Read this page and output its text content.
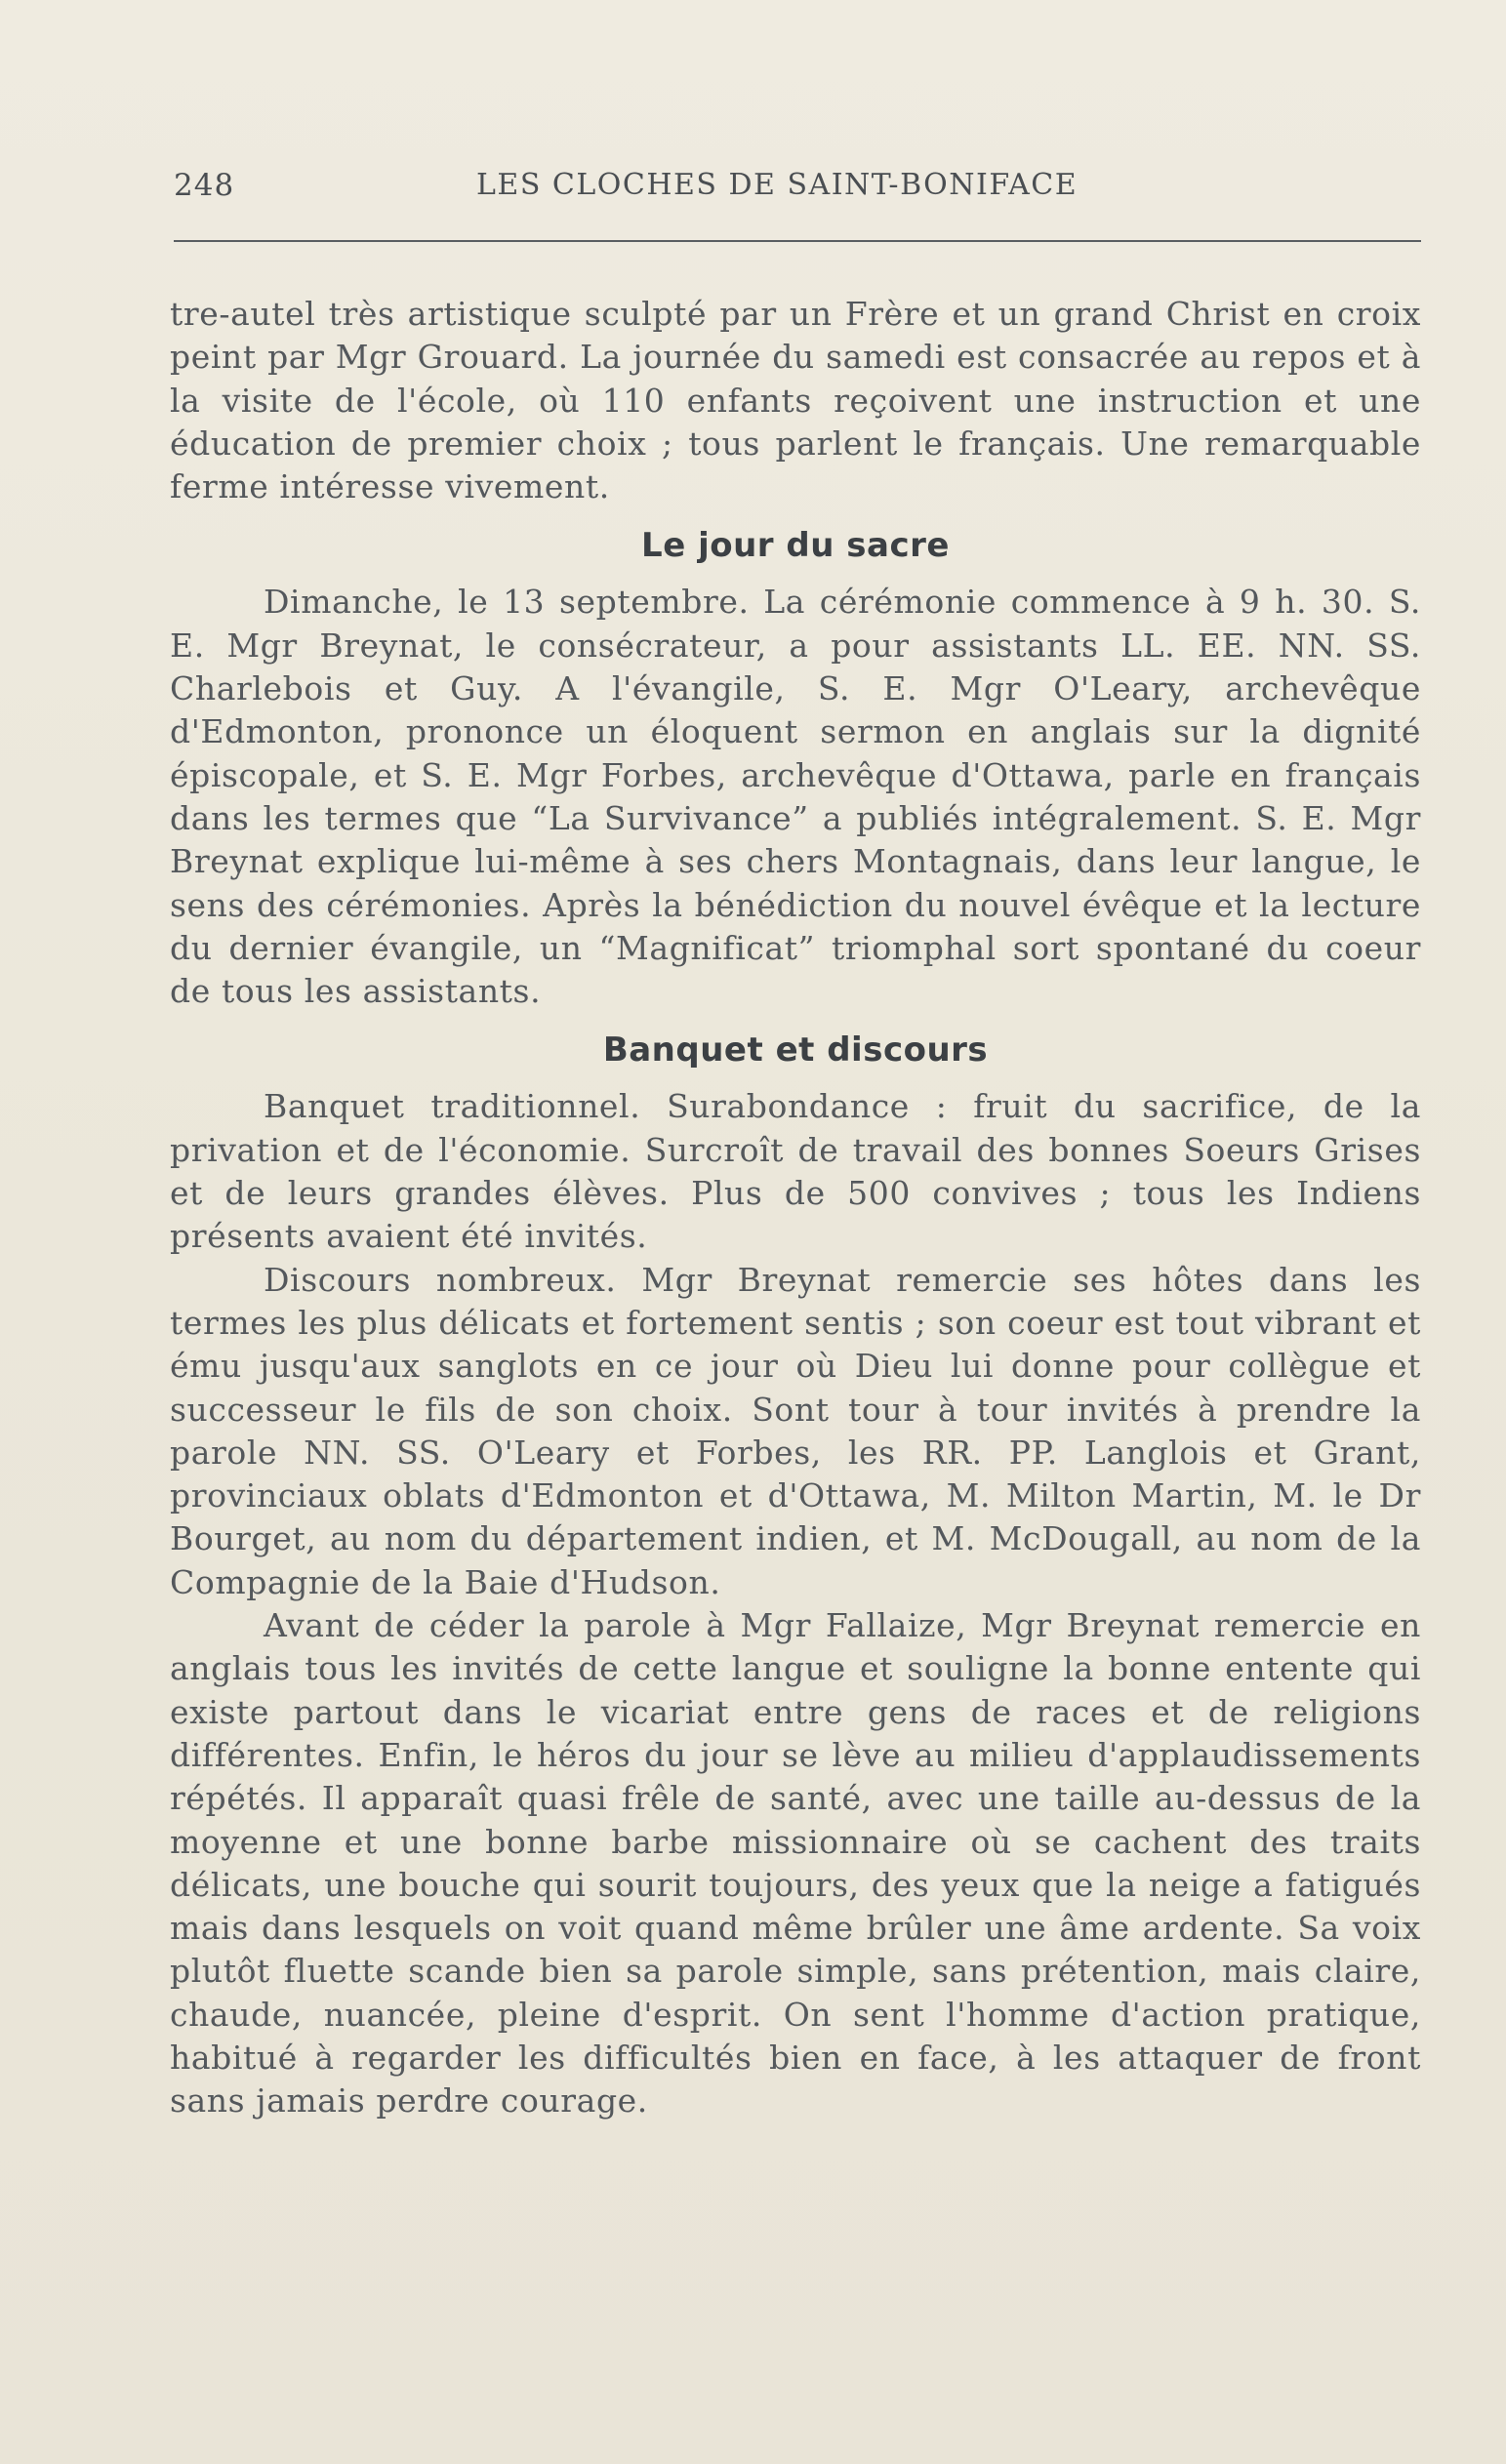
248	LES CLOCHES DE SAINT-BONIFACE

tre-autel très artistique sculpté par un Frère et un grand Christ en croix peint par Mgr Grouard. La journée du samedi est consacrée au repos et à la visite de l'école, où 110 enfants reçoivent une instruction et une éducation de premier choix ; tous parlent le français. Une remarquable ferme intéresse vivement.

Le jour du sacre

Dimanche, le 13 septembre. La cérémonie commence à 9 h. 30. S. E. Mgr Breynat, le consécrateur, a pour assistants LL. EE. NN. SS. Charlebois et Guy. A l'évangile, S. E. Mgr O'Leary, archevêque d'Edmonton, prononce un éloquent sermon en anglais sur la dignité épiscopale, et S. E. Mgr Forbes, archevêque d'Ottawa, parle en français dans les termes que “La Survivance” a publiés intégralement. S. E. Mgr Breynat explique lui-même à ses chers Montagnais, dans leur langue, le sens des cérémonies. Après la bénédiction du nouvel évêque et la lecture du dernier évangile, un “Magnificat” triomphal sort spontané du coeur de tous les assistants.

Banquet et discours

Banquet traditionnel. Surabondance : fruit du sacrifice, de la privation et de l'économie. Surcroît de travail des bonnes Soeurs Grises et de leurs grandes élèves. Plus de 500 convives ; tous les Indiens présents avaient été invités.

Discours nombreux. Mgr Breynat remercie ses hôtes dans les termes les plus délicats et fortement sentis ; son coeur est tout vibrant et ému jusqu'aux sanglots en ce jour où Dieu lui donne pour collègue et successeur le fils de son choix. Sont tour à tour invités à prendre la parole NN. SS. O'Leary et Forbes, les RR. PP. Langlois et Grant, provinciaux oblats d'Edmonton et d'Ottawa, M. Milton Martin, M. le Dr Bourget, au nom du département indien, et M. McDougall, au nom de la Compagnie de la Baie d'Hudson.

Avant de céder la parole à Mgr Fallaize, Mgr Breynat remercie en anglais tous les invités de cette langue et souligne la bonne entente qui existe partout dans le vicariat entre gens de races et de religions différentes. Enfin, le héros du jour se lève au milieu d'applaudissements répétés. Il apparaît quasi frêle de santé, avec une taille au-dessus de la moyenne et une bonne barbe missionnaire où se cachent des traits délicats, une bouche qui sourit toujours, des yeux que la neige a fatigués mais dans lesquels on voit quand même brûler une âme ardente. Sa voix plutôt fluette scande bien sa parole simple, sans prétention, mais claire, chaude, nuancée, pleine d'esprit. On sent l'homme d'action pratique, habitué à regarder les difficultés bien en face, à les attaquer de front sans jamais perdre courage.
